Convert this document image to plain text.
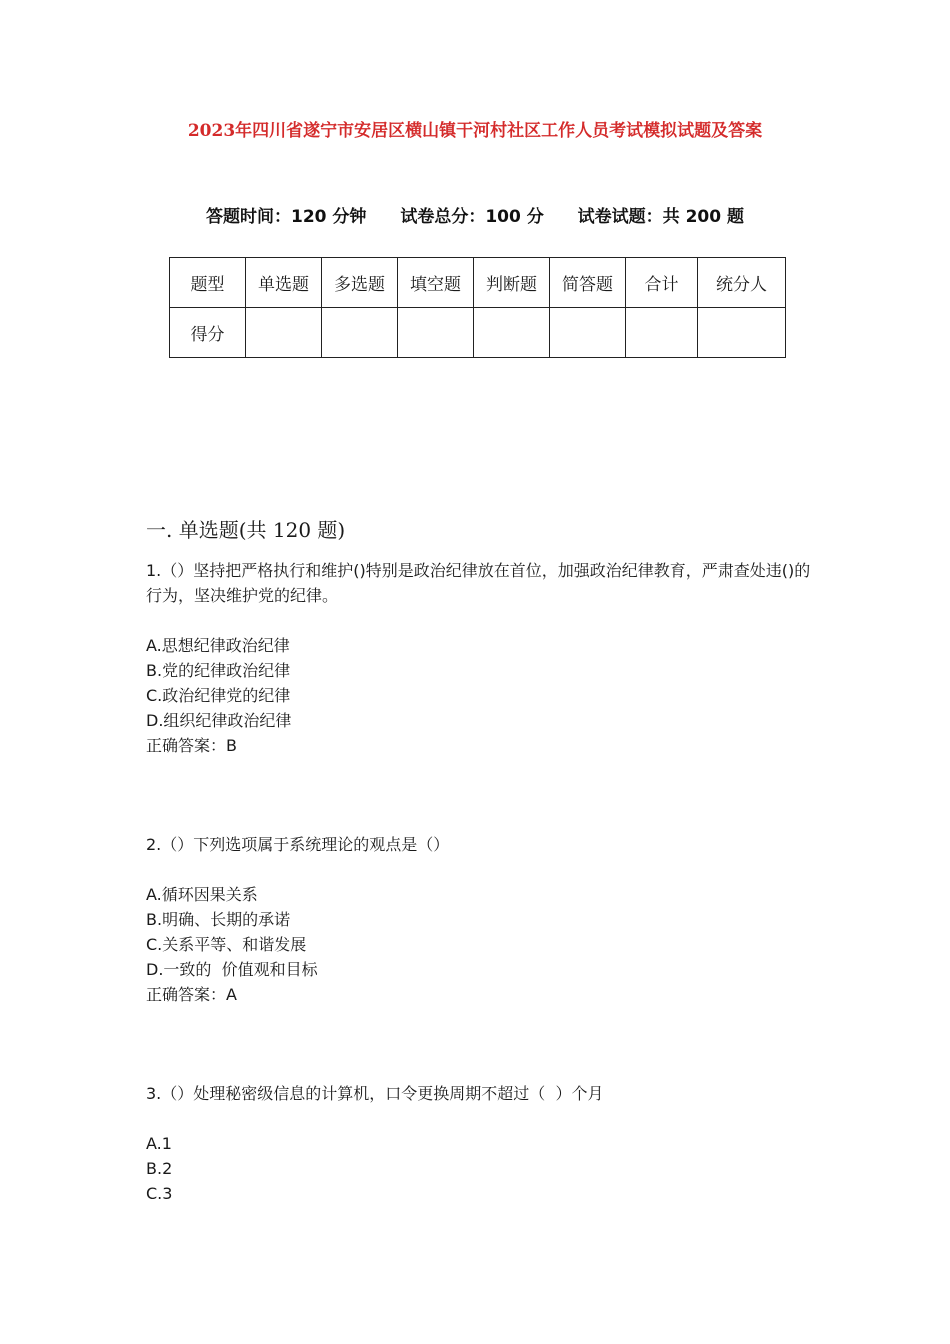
2023年四川省遂宁市安居区横山镇干河村社区工作人员考试模拟试题及答案
答题时间：120 分钟 试卷总分：100 分 试卷试题：共 200 题
题型	单选题	多选题	填空题	判断题	简答题	合计	统分人
得分							
一. 单选题(共 120 题)

1.（）坚持把严格执行和维护()特别是政治纪律放在首位，加强政治纪律教育，严肃查处违()的行为，坚决维护党的纪律。

A.思想纪律政治纪律

B.党的纪律政治纪律

C.政治纪律党的纪律

D.组织纪律政治纪律

正确答案：B

2.（）下列选项属于系统理论的观点是（）

A.循环因果关系

B.明确、长期的承诺

C.关系平等、和谐发展

D.一致的  价值观和目标

正确答案：A

3.（）处理秘密级信息的计算机，口令更换周期不超过（  ）个月

A.1

B.2

C.3
